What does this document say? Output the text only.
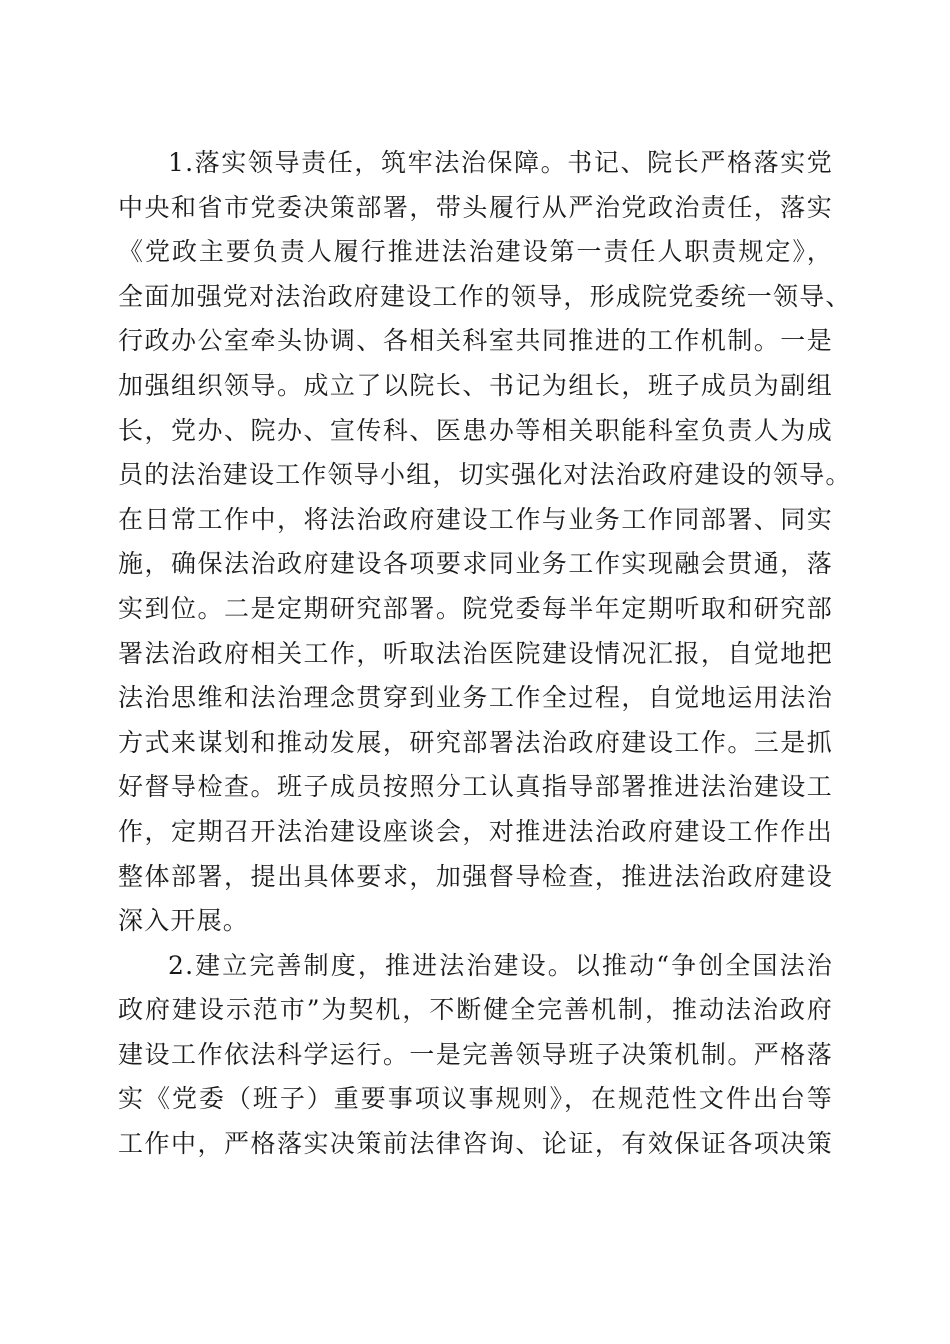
1.落实领导责任，筑牢法治保障。书记、院长严格落实党
中央和省市党委决策部署，带头履行从严治党政治责任，落实
《党政主要负责人履行推进法治建设第一责任人职责规定》，
全面加强党对法治政府建设工作的领导，形成院党委统一领导、
行政办公室牵头协调、各相关科室共同推进的工作机制。一是
加强组织领导。成立了以院长、书记为组长，班子成员为副组
长，党办、院办、宣传科、医患办等相关职能科室负责人为成
员的法治建设工作领导小组，切实强化对法治政府建设的领导。
在日常工作中，将法治政府建设工作与业务工作同部署、同实
施，确保法治政府建设各项要求同业务工作实现融会贯通，落
实到位。二是定期研究部署。院党委每半年定期听取和研究部
署法治政府相关工作，听取法治医院建设情况汇报，自觉地把
法治思维和法治理念贯穿到业务工作全过程，自觉地运用法治
方式来谋划和推动发展，研究部署法治政府建设工作。三是抓
好督导检查。班子成员按照分工认真指导部署推进法治建设工
作，定期召开法治建设座谈会，对推进法治政府建设工作作出
整体部署，提出具体要求，加强督导检查，推进法治政府建设
深入开展。
2.建立完善制度，推进法治建设。以推动“争创全国法治
政府建设示范市”为契机，不断健全完善机制，推动法治政府
建设工作依法科学运行。一是完善领导班子决策机制。严格落
实《党委（班子）重要事项议事规则》，在规范性文件出台等
工作中，严格落实决策前法律咨询、论证，有效保证各项决策
